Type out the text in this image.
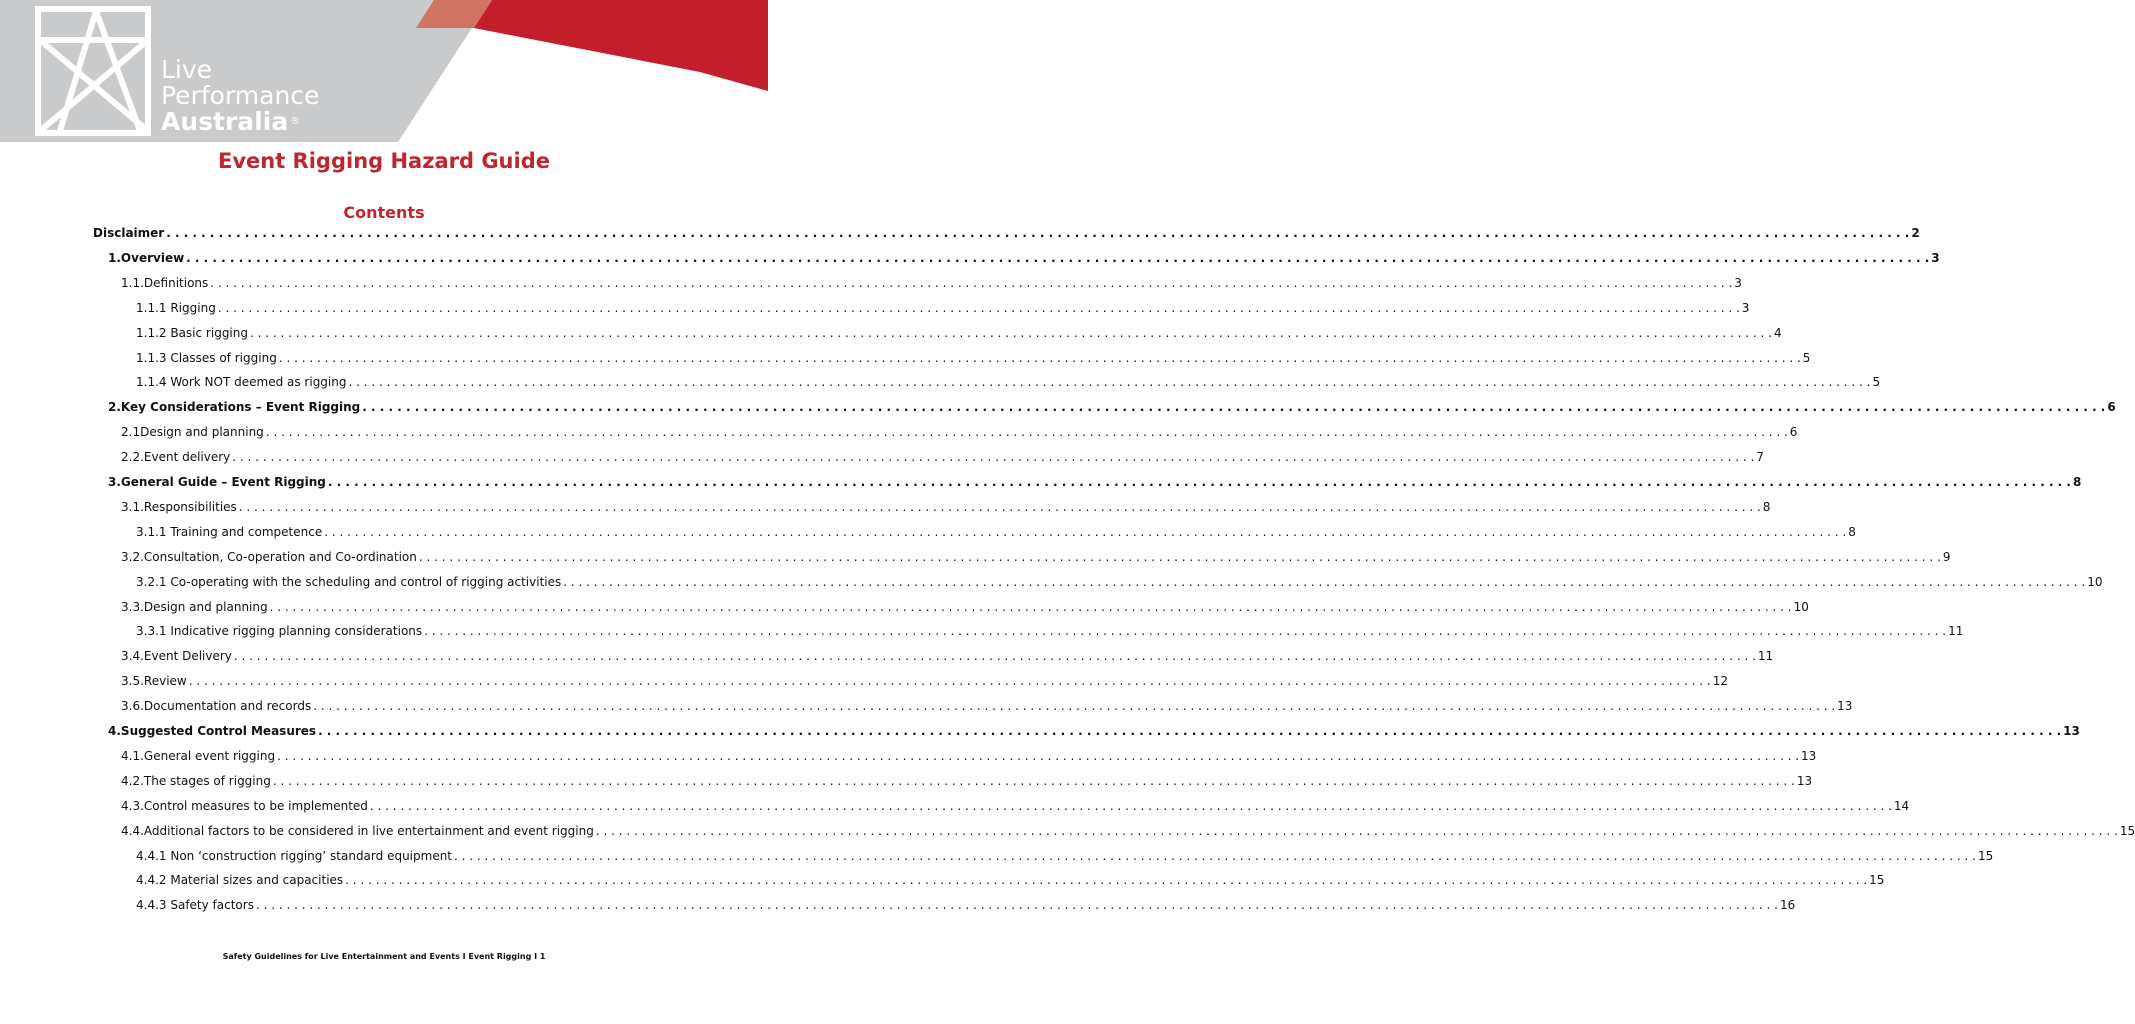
Live
Performance
Australia ®
Event Rigging Hazard Guide
Contents
Disclaimer . . . . . . . . . . . . . . . . . . . . . . . . . . . . . . . . . . . . . . . . . . . . . . . . . . . . . . . . . . . . . . . . . . . . . . . . . . . . . . . . . . . . . . . . . . . . . . . . . . . . . . . . . . . . . . . . . . . . . . . . . . . . . . . . . . . . . . . . . . . . . . . . . . . . . . . . . . . . . . . . . . . . . . . . . . . . . . . . . . . . . . . . . . . . . . . . . . . . . . . . 2
1. Overview . . . . . . . . . . . . . . . . . . . . . . . . . . . . . . . . . . . . . . . . . . . . . . . . . . . . . . . . . . . . . . . . . . . . . . . . . . . . . . . . . . . . . . . . . . . . . . . . . . . . . . . . . . . . . . . . . . . . . . . . . . . . . . . . . . . . . . . . . . . . . . . . . . . . . . . . . . . . . . . . . . . . . . . . . . . . . . . . . . . . . . . . . . . . . . . . . . . . . . . . 3
1.1. Definitions . . . . . . . . . . . . . . . . . . . . . . . . . . . . . . . . . . . . . . . . . . . . . . . . . . . . . . . . . . . . . . . . . . . . . . . . . . . . . . . . . . . . . . . . . . . . . . . . . . . . . . . . . . . . . . . . . . . . . . . . . . . . . . . . . . . . . . . . . . . . . . . . . . . . . . . . . . . . . . . . . . . . . . . . . . . . . . . . . . . . . . . . . . . . . . . . . . . . . . . . 3
1.1.1 Rigging . . . . . . . . . . . . . . . . . . . . . . . . . . . . . . . . . . . . . . . . . . . . . . . . . . . . . . . . . . . . . . . . . . . . . . . . . . . . . . . . . . . . . . . . . . . . . . . . . . . . . . . . . . . . . . . . . . . . . . . . . . . . . . . . . . . . . . . . . . . . . . . . . . . . . . . . . . . . . . . . . . . . . . . . . . . . . . . . . . . . . . . . . . . . . . . . . . . . . . . . 3
1.1.2 Basic rigging . . . . . . . . . . . . . . . . . . . . . . . . . . . . . . . . . . . . . . . . . . . . . . . . . . . . . . . . . . . . . . . . . . . . . . . . . . . . . . . . . . . . . . . . . . . . . . . . . . . . . . . . . . . . . . . . . . . . . . . . . . . . . . . . . . . . . . . . . . . . . . . . . . . . . . . . . . . . . . . . . . . . . . . . . . . . . . . . . . . . . . . . . . . . . . . . . . . . . . . . 4
1.1.3 Classes of rigging . . . . . . . . . . . . . . . . . . . . . . . . . . . . . . . . . . . . . . . . . . . . . . . . . . . . . . . . . . . . . . . . . . . . . . . . . . . . . . . . . . . . . . . . . . . . . . . . . . . . . . . . . . . . . . . . . . . . . . . . . . . . . . . . . . . . . . . . . . . . . . . . . . . . . . . . . . . . . . . . . . . . . . . . . . . . . . . . . . . . . . . . . . . . . . . . . . . . . . . . 5
1.1.4 Work NOT deemed as rigging . . . . . . . . . . . . . . . . . . . . . . . . . . . . . . . . . . . . . . . . . . . . . . . . . . . . . . . . . . . . . . . . . . . . . . . . . . . . . . . . . . . . . . . . . . . . . . . . . . . . . . . . . . . . . . . . . . . . . . . . . . . . . . . . . . . . . . . . . . . . . . . . . . . . . . . . . . . . . . . . . . . . . . . . . . . . . . . . . . . . . . . . . . . . . . . . . . . . . . . . 5
2. Key Considerations – Event Rigging . . . . . . . . . . . . . . . . . . . . . . . . . . . . . . . . . . . . . . . . . . . . . . . . . . . . . . . . . . . . . . . . . . . . . . . . . . . . . . . . . . . . . . . . . . . . . . . . . . . . . . . . . . . . . . . . . . . . . . . . . . . . . . . . . . . . . . . . . . . . . . . . . . . . . . . . . . . . . . . . . . . . . . . . . . . . . . . . . . . . . . . . . . . . . . . . . . . . . . . . 6
2.1 Design and planning . . . . . . . . . . . . . . . . . . . . . . . . . . . . . . . . . . . . . . . . . . . . . . . . . . . . . . . . . . . . . . . . . . . . . . . . . . . . . . . . . . . . . . . . . . . . . . . . . . . . . . . . . . . . . . . . . . . . . . . . . . . . . . . . . . . . . . . . . . . . . . . . . . . . . . . . . . . . . . . . . . . . . . . . . . . . . . . . . . . . . . . . . . . . . . . . . . . . . . . . 6
2.2. Event delivery . . . . . . . . . . . . . . . . . . . . . . . . . . . . . . . . . . . . . . . . . . . . . . . . . . . . . . . . . . . . . . . . . . . . . . . . . . . . . . . . . . . . . . . . . . . . . . . . . . . . . . . . . . . . . . . . . . . . . . . . . . . . . . . . . . . . . . . . . . . . . . . . . . . . . . . . . . . . . . . . . . . . . . . . . . . . . . . . . . . . . . . . . . . . . . . . . . . . . . . . 7
3. General Guide – Event Rigging . . . . . . . . . . . . . . . . . . . . . . . . . . . . . . . . . . . . . . . . . . . . . . . . . . . . . . . . . . . . . . . . . . . . . . . . . . . . . . . . . . . . . . . . . . . . . . . . . . . . . . . . . . . . . . . . . . . . . . . . . . . . . . . . . . . . . . . . . . . . . . . . . . . . . . . . . . . . . . . . . . . . . . . . . . . . . . . . . . . . . . . . . . . . . . . . . . . . . . . . 8
3.1. Responsibilities . . . . . . . . . . . . . . . . . . . . . . . . . . . . . . . . . . . . . . . . . . . . . . . . . . . . . . . . . . . . . . . . . . . . . . . . . . . . . . . . . . . . . . . . . . . . . . . . . . . . . . . . . . . . . . . . . . . . . . . . . . . . . . . . . . . . . . . . . . . . . . . . . . . . . . . . . . . . . . . . . . . . . . . . . . . . . . . . . . . . . . . . . . . . . . . . . . . . . . . . 8
3.1.1 Training and competence . . . . . . . . . . . . . . . . . . . . . . . . . . . . . . . . . . . . . . . . . . . . . . . . . . . . . . . . . . . . . . . . . . . . . . . . . . . . . . . . . . . . . . . . . . . . . . . . . . . . . . . . . . . . . . . . . . . . . . . . . . . . . . . . . . . . . . . . . . . . . . . . . . . . . . . . . . . . . . . . . . . . . . . . . . . . . . . . . . . . . . . . . . . . . . . . . . . . . . . . 8
3.2. Consultation, Co-operation and Co-ordination . . . . . . . . . . . . . . . . . . . . . . . . . . . . . . . . . . . . . . . . . . . . . . . . . . . . . . . . . . . . . . . . . . . . . . . . . . . . . . . . . . . . . . . . . . . . . . . . . . . . . . . . . . . . . . . . . . . . . . . . . . . . . . . . . . . . . . . . . . . . . . . . . . . . . . . . . . . . . . . . . . . . . . . . . . . . . . . . . . . . . . . . . . . . . . . . . . . . . . . . 9
3.2.1 Co-operating with the scheduling and control of rigging activities . . . . . . . . . . . . . . . . . . . . . . . . . . . . . . . . . . . . . . . . . . . . . . . . . . . . . . . . . . . . . . . . . . . . . . . . . . . . . . . . . . . . . . . . . . . . . . . . . . . . . . . . . . . . . . . . . . . . . . . . . . . . . . . . . . . . . . . . . . . . . . . . . . . . . . . . . . . . . . . . . . . . . . . . . . . . . . . . . . . . . . . . . . . . . . . . . . . . . . . . 10
3.3. Design and planning . . . . . . . . . . . . . . . . . . . . . . . . . . . . . . . . . . . . . . . . . . . . . . . . . . . . . . . . . . . . . . . . . . . . . . . . . . . . . . . . . . . . . . . . . . . . . . . . . . . . . . . . . . . . . . . . . . . . . . . . . . . . . . . . . . . . . . . . . . . . . . . . . . . . . . . . . . . . . . . . . . . . . . . . . . . . . . . . . . . . . . . . . . . . . . . . . . . . . . . . 10
3.3.1 Indicative rigging planning considerations . . . . . . . . . . . . . . . . . . . . . . . . . . . . . . . . . . . . . . . . . . . . . . . . . . . . . . . . . . . . . . . . . . . . . . . . . . . . . . . . . . . . . . . . . . . . . . . . . . . . . . . . . . . . . . . . . . . . . . . . . . . . . . . . . . . . . . . . . . . . . . . . . . . . . . . . . . . . . . . . . . . . . . . . . . . . . . . . . . . . . . . . . . . . . . . . . . . . . . . . 11
3.4. Event Delivery . . . . . . . . . . . . . . . . . . . . . . . . . . . . . . . . . . . . . . . . . . . . . . . . . . . . . . . . . . . . . . . . . . . . . . . . . . . . . . . . . . . . . . . . . . . . . . . . . . . . . . . . . . . . . . . . . . . . . . . . . . . . . . . . . . . . . . . . . . . . . . . . . . . . . . . . . . . . . . . . . . . . . . . . . . . . . . . . . . . . . . . . . . . . . . . . . . . . . . . . 11
3.5. Review . . . . . . . . . . . . . . . . . . . . . . . . . . . . . . . . . . . . . . . . . . . . . . . . . . . . . . . . . . . . . . . . . . . . . . . . . . . . . . . . . . . . . . . . . . . . . . . . . . . . . . . . . . . . . . . . . . . . . . . . . . . . . . . . . . . . . . . . . . . . . . . . . . . . . . . . . . . . . . . . . . . . . . . . . . . . . . . . . . . . . . . . . . . . . . . . . . . . . . . . 12
3.6. Documentation and records . . . . . . . . . . . . . . . . . . . . . . . . . . . . . . . . . . . . . . . . . . . . . . . . . . . . . . . . . . . . . . . . . . . . . . . . . . . . . . . . . . . . . . . . . . . . . . . . . . . . . . . . . . . . . . . . . . . . . . . . . . . . . . . . . . . . . . . . . . . . . . . . . . . . . . . . . . . . . . . . . . . . . . . . . . . . . . . . . . . . . . . . . . . . . . . . . . . . . . . . 13
4. Suggested Control Measures . . . . . . . . . . . . . . . . . . . . . . . . . . . . . . . . . . . . . . . . . . . . . . . . . . . . . . . . . . . . . . . . . . . . . . . . . . . . . . . . . . . . . . . . . . . . . . . . . . . . . . . . . . . . . . . . . . . . . . . . . . . . . . . . . . . . . . . . . . . . . . . . . . . . . . . . . . . . . . . . . . . . . . . . . . . . . . . . . . . . . . . . . . . . . . . . . . . . . . . . 13
4.1. General event rigging . . . . . . . . . . . . . . . . . . . . . . . . . . . . . . . . . . . . . . . . . . . . . . . . . . . . . . . . . . . . . . . . . . . . . . . . . . . . . . . . . . . . . . . . . . . . . . . . . . . . . . . . . . . . . . . . . . . . . . . . . . . . . . . . . . . . . . . . . . . . . . . . . . . . . . . . . . . . . . . . . . . . . . . . . . . . . . . . . . . . . . . . . . . . . . . . . . . . . . . . 13
4.2. The stages of rigging . . . . . . . . . . . . . . . . . . . . . . . . . . . . . . . . . . . . . . . . . . . . . . . . . . . . . . . . . . . . . . . . . . . . . . . . . . . . . . . . . . . . . . . . . . . . . . . . . . . . . . . . . . . . . . . . . . . . . . . . . . . . . . . . . . . . . . . . . . . . . . . . . . . . . . . . . . . . . . . . . . . . . . . . . . . . . . . . . . . . . . . . . . . . . . . . . . . . . . . . 13
4.3. Control measures to be implemented . . . . . . . . . . . . . . . . . . . . . . . . . . . . . . . . . . . . . . . . . . . . . . . . . . . . . . . . . . . . . . . . . . . . . . . . . . . . . . . . . . . . . . . . . . . . . . . . . . . . . . . . . . . . . . . . . . . . . . . . . . . . . . . . . . . . . . . . . . . . . . . . . . . . . . . . . . . . . . . . . . . . . . . . . . . . . . . . . . . . . . . . . . . . . . . . . . . . . . . . 14
4.4. Additional factors to be considered in live entertainment and event rigging . . . . . . . . . . . . . . . . . . . . . . . . . . . . . . . . . . . . . . . . . . . . . . . . . . . . . . . . . . . . . . . . . . . . . . . . . . . . . . . . . . . . . . . . . . . . . . . . . . . . . . . . . . . . . . . . . . . . . . . . . . . . . . . . . . . . . . . . . . . . . . . . . . . . . . . . . . . . . . . . . . . . . . . . . . . . . . . . . . . . . . . . . . . . . . . . . . . . . . . . 15
4.4.1 Non ‘construction rigging’ standard equipment . . . . . . . . . . . . . . . . . . . . . . . . . . . . . . . . . . . . . . . . . . . . . . . . . . . . . . . . . . . . . . . . . . . . . . . . . . . . . . . . . . . . . . . . . . . . . . . . . . . . . . . . . . . . . . . . . . . . . . . . . . . . . . . . . . . . . . . . . . . . . . . . . . . . . . . . . . . . . . . . . . . . . . . . . . . . . . . . . . . . . . . . . . . . . . . . . . . . . . . . 15
4.4.2 Material sizes and capacities . . . . . . . . . . . . . . . . . . . . . . . . . . . . . . . . . . . . . . . . . . . . . . . . . . . . . . . . . . . . . . . . . . . . . . . . . . . . . . . . . . . . . . . . . . . . . . . . . . . . . . . . . . . . . . . . . . . . . . . . . . . . . . . . . . . . . . . . . . . . . . . . . . . . . . . . . . . . . . . . . . . . . . . . . . . . . . . . . . . . . . . . . . . . . . . . . . . . . . . . 15
4.4.3 Safety factors . . . . . . . . . . . . . . . . . . . . . . . . . . . . . . . . . . . . . . . . . . . . . . . . . . . . . . . . . . . . . . . . . . . . . . . . . . . . . . . . . . . . . . . . . . . . . . . . . . . . . . . . . . . . . . . . . . . . . . . . . . . . . . . . . . . . . . . . . . . . . . . . . . . . . . . . . . . . . . . . . . . . . . . . . . . . . . . . . . . . . . . . . . . . . . . . . . . . . . . . 16
Safety Guidelines for Live Entertainment and Events I Event Rigging I 1
